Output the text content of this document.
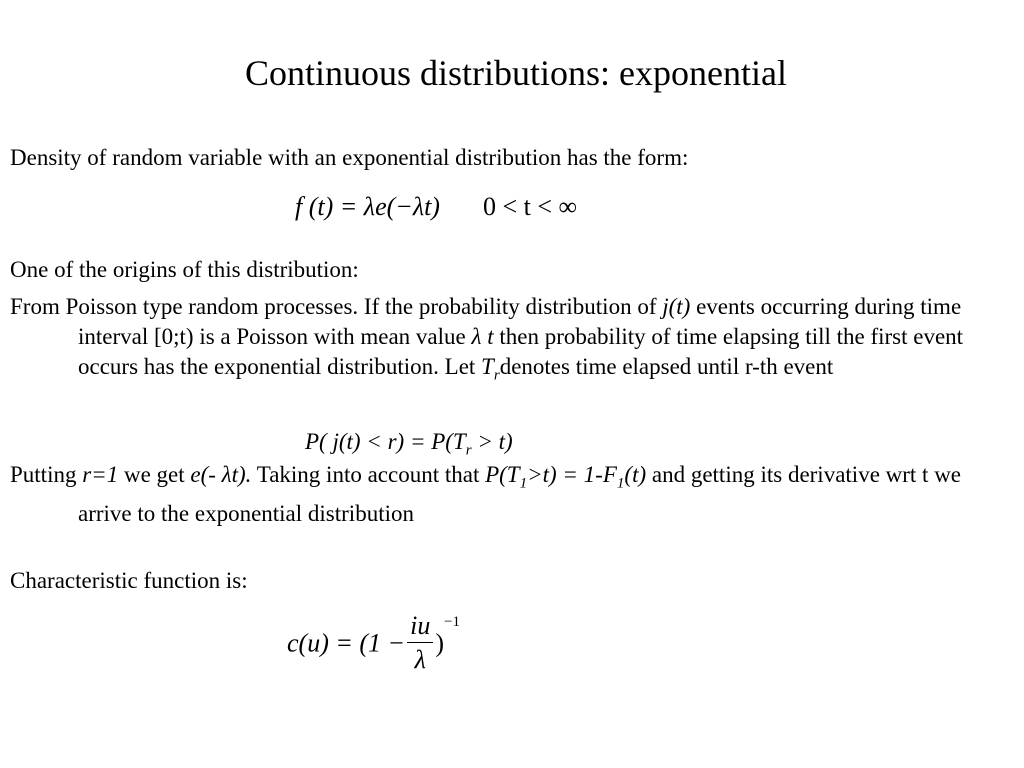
Continuous distributions: exponential
Density of random variable with an exponential distribution has the form:
f (t) = λe(−λt) 0 < t < ∞
One of the origins of this distribution:
From Poisson type random processes. If the probability distribution of j(t) events occurring during time interval [0;t) is a Poisson with mean value λ t then probability of time elapsing till the first event occurs has the exponential distribution. Let $T_rdenotes$ time elapsed until r-th event
P( $j(t) < r) = P(T_r > t)$
Putting r=1 we get e(- λt). Taking into account that $P(T_1>t) = 1-F_1(t)$ and getting its derivative wrt t we arrive to the exponential distribution
Characteristic function is:
$c(u) = (1 - \frac{iu}{\lambda} )^{-1}$
